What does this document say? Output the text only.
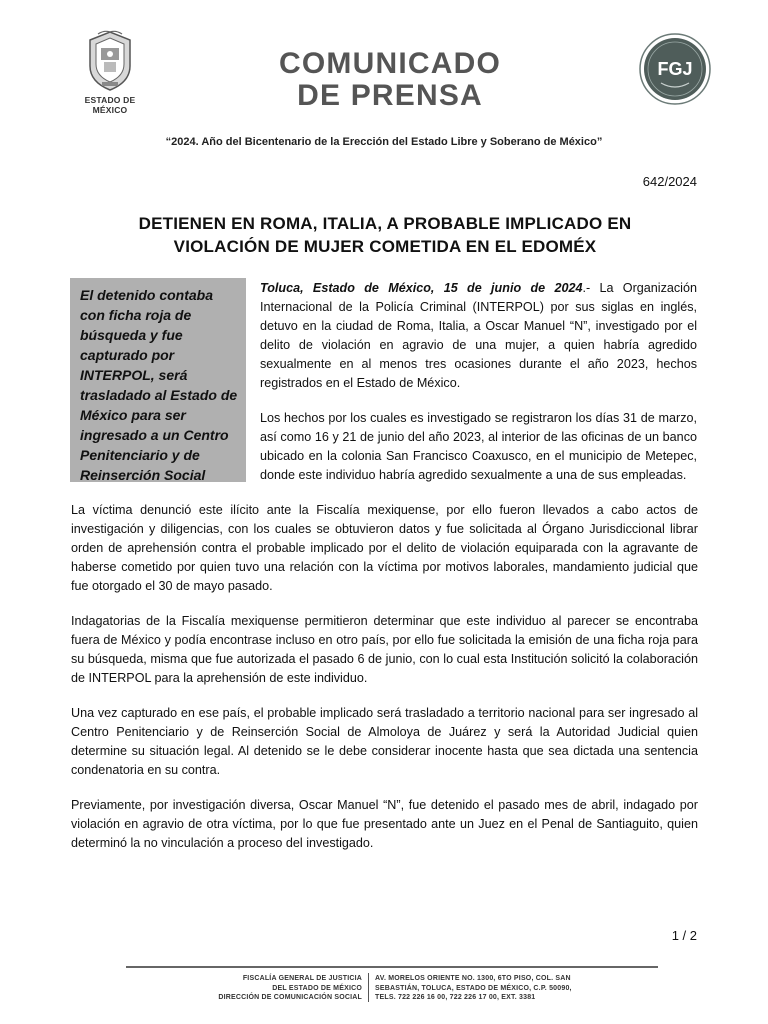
ESTADO DE MÉXICO
COMUNICADO
DE PRENSA
FGJ
“2024. Año del Bicentenario de la Erección del Estado Libre y Soberano de México”
642/2024
DETIENEN EN ROMA, ITALIA, A PROBABLE IMPLICADO EN
VIOLACIÓN DE MUJER COMETIDA EN EL EDOMÉX
El detenido contaba con ficha roja de búsqueda y fue capturado por INTERPOL, será trasladado al Estado de México para ser ingresado a un Centro Penitenciario y de Reinserción Social
Toluca, Estado de México, 15 de junio de 2024.- La Organización Internacional de la Policía Criminal (INTERPOL) por sus siglas en inglés, detuvo en la ciudad de Roma, Italia, a Oscar Manuel “N”, investigado por el delito de violación en agravio de una mujer, a quien habría agredido sexualmente en al menos tres ocasiones durante el año 2023, hechos registrados en el Estado de México.
Los hechos por los cuales es investigado se registraron los días 31 de marzo, así como 16 y 21 de junio del año 2023, al interior de las oficinas de un banco ubicado en la colonia San Francisco Coaxusco, en el municipio de Metepec, donde este individuo habría agredido sexualmente a una de sus empleadas.
La víctima denunció este ilícito ante la Fiscalía mexiquense, por ello fueron llevados a cabo actos de investigación y diligencias, con los cuales se obtuvieron datos y fue solicitada al Órgano Jurisdiccional librar orden de aprehensión contra el probable implicado por el delito de violación equiparada con la agravante de haberse cometido por quien tuvo una relación con la víctima por motivos laborales, mandamiento judicial que fue otorgado el 30 de mayo pasado.
Indagatorias de la Fiscalía mexiquense permitieron determinar que este individuo al parecer se encontraba fuera de México y podía encontrase incluso en otro país, por ello fue solicitada la emisión de una ficha roja para su búsqueda, misma que fue autorizada el pasado 6 de junio, con lo cual esta Institución solicitó la colaboración de INTERPOL para la aprehensión de este individuo.
Una vez capturado en ese país, el probable implicado será trasladado a territorio nacional para ser ingresado al Centro Penitenciario y de Reinserción Social de Almoloya de Juárez y será la Autoridad Judicial quien determine su situación legal. Al detenido se le debe considerar inocente hasta que sea dictada una sentencia condenatoria en su contra.
Previamente, por investigación diversa, Oscar Manuel “N”, fue detenido el pasado mes de abril, indagado por violación en agravio de otra víctima, por lo que fue presentado ante un Juez en el Penal de Santiaguito, quien determinó la no vinculación a proceso del investigado.
1 / 2
FISCALÍA GENERAL DE JUSTICIA
DEL ESTADO DE MÉXICO
DIRECCIÓN DE COMUNICACIÓN SOCIAL
AV. MORELOS ORIENTE NO. 1300, 6TO PISO, COL. SAN
SEBASTIÁN, TOLUCA, ESTADO DE MÉXICO, C.P. 50090,
TELS. 722 226 16 00, 722 226 17 00, EXT. 3381
